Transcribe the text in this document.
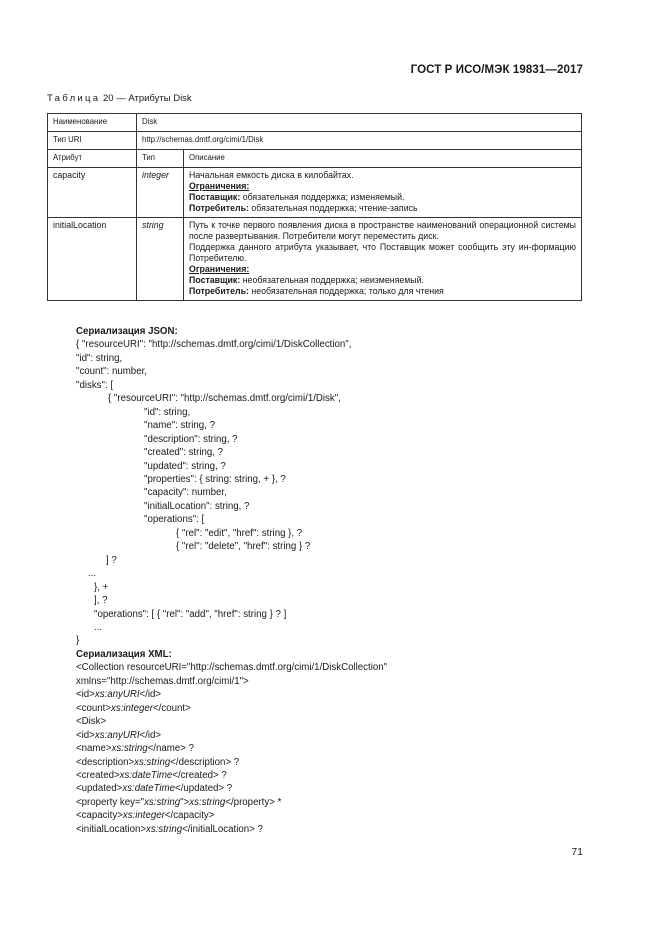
ГОСТ Р ИСО/МЭК 19831—2017
Таблица 20 — Атрибуты Disk
Наименование	Disk	
Тип URI	http://schemas.dmtf.org/cimi/1/Disk	
Атрибут	Тип	Описание
capacity	integer	Начальная емкость диска в килобайтах.
Ограничения:
Поставщик: обязательная поддержка; изменяемый.
Потребитель: обязательная поддержка; чтение-запись

initialLocation	string	Путь к точке первого появления диска в пространстве наименований операционной системы после развертывания. Потребители могут переместить диск.
Поддержка данного атрибута указывает, что Поставщик может сообщить эту ин-формацию Потребителю.
Ограничения:
Поставщик: необязательная поддержка; неизменяемый.
Потребитель: необязательная поддержка; только для чтения
Сериализация JSON:
{ "resourceURI": "http://schemas.dmtf.org/cimi/1/DiskCollection",
"id": string,
"count": number,
"disks": [
{ "resourceURI": "http://schemas.dmtf.org/cimi/1/Disk",
"id": string,
"name": string, ?
"description": string, ?
"created": string, ?
"updated": string, ?
"properties": { string: string, + }, ?
"capacity": number,
"initialLocation": string, ?
"operations": [
{ "rel": "edit", "href": string }, ?
{ "rel": "delete", "href": string } ?
] ?
...
}, +
], ?
"operations": [ { "rel": "add", "href": string } ? ]
...
}
Сериализация XML:
<Collection resourceURI="http://schemas.dmtf.org/cimi/1/DiskCollection"
xmlns="http://schemas.dmtf.org/cimi/1">
<id>xs:anyURI</id>
<count>xs:integer</count>
<Disk>
<id>xs:anyURI</id>
<name>xs:string</name> ?
<description>xs:string</description> ?
<created>xs:dateTime</created> ?
<updated>xs:dateTime</updated> ?
<property key="xs:string">xs:string</property> *
<capacity>xs:integer</capacity>
<initialLocation>xs:string</initialLocation> ?
71
